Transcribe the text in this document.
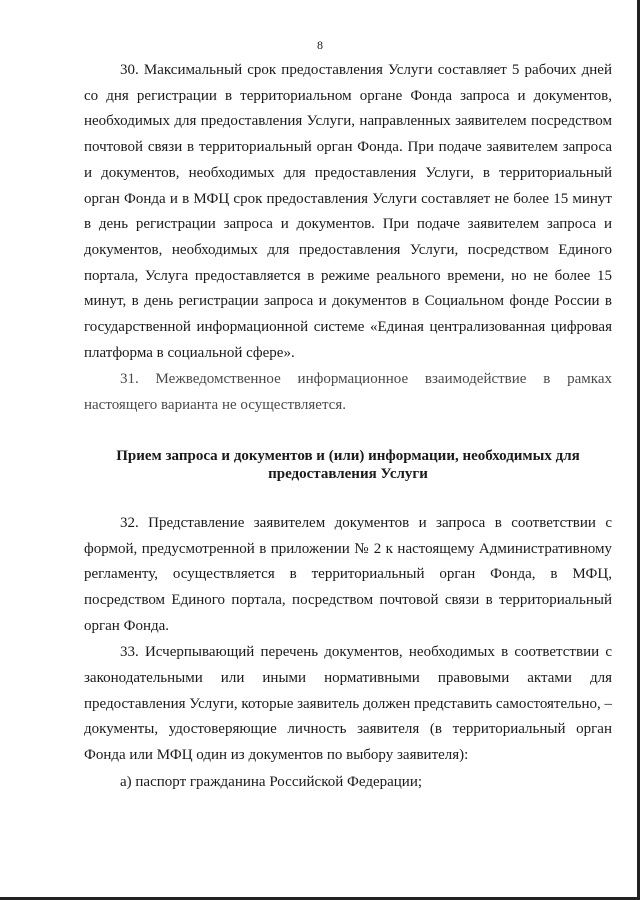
8

30. Максимальный срок предоставления Услуги составляет 5 рабочих дней со дня регистрации в территориальном органе Фонда запроса и документов, необходимых для предоставления Услуги, направленных заявителем посредством почтовой связи в территориальный орган Фонда. При подаче заявителем запроса и документов, необходимых для предоставления Услуги, в территориальный орган Фонда и в МФЦ срок предоставления Услуги составляет не более 15 минут в день регистрации запроса и документов. При подаче заявителем запроса и документов, необходимых для предоставления Услуги, посредством Единого портала, Услуга предоставляется в режиме реального времени, но не более 15 минут, в день регистрации запроса и документов в Социальном фонде России в государственной информационной системе «Единая централизованная цифровая платформа в социальной сфере».

31. Межведомственное информационное взаимодействие в рамках настоящего варианта не осуществляется.

Прием запроса и документов и (или) информации, необходимых для
предоставления Услуги

32. Представление заявителем документов и запроса в соответствии с формой, предусмотренной в приложении № 2 к настоящему Административному регламенту, осуществляется в территориальный орган Фонда, в МФЦ, посредством Единого портала, посредством почтовой связи в территориальный орган Фонда.

33. Исчерпывающий перечень документов, необходимых в соответствии с законодательными или иными нормативными правовыми актами для предоставления Услуги, которые заявитель должен представить самостоятельно, – документы, удостоверяющие личность заявителя (в территориальный орган Фонда или МФЦ один из документов по выбору заявителя):

а) паспорт гражданина Российской Федерации;
